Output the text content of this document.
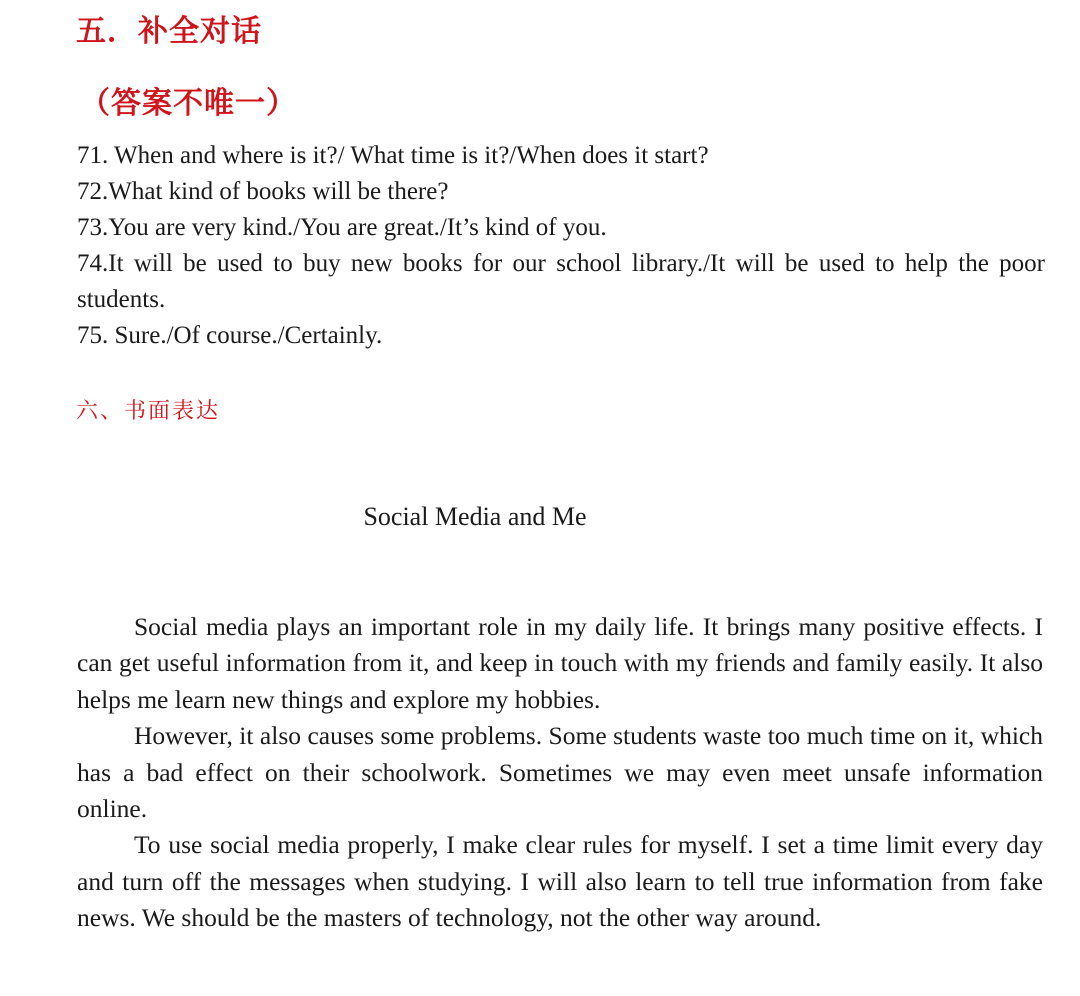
五．补全对话
（答案不唯一）

71. When and where is it?/ What time is it?/When does it start?

72.What kind of books will be there?

73.You are very kind./You are great./It’s kind of you.

74.It will be used to buy new books for our school library./It will be used to help the poor students.

75. Sure./Of course./Certainly.

六、书面表达
Social Media and Me

Social media plays an important role in my daily life. It brings many positive effects. I can get useful information from it, and keep in touch with my friends and family easily. It also helps me learn new things and explore my hobbies.

However, it also causes some problems. Some students waste too much time on it, which has a bad effect on their schoolwork. Sometimes we may even meet unsafe information online.

To use social media properly, I make clear rules for myself. I set a time limit every day and turn off the messages when studying. I will also learn to tell true information from fake news. We should be the masters of technology, not the other way around.
